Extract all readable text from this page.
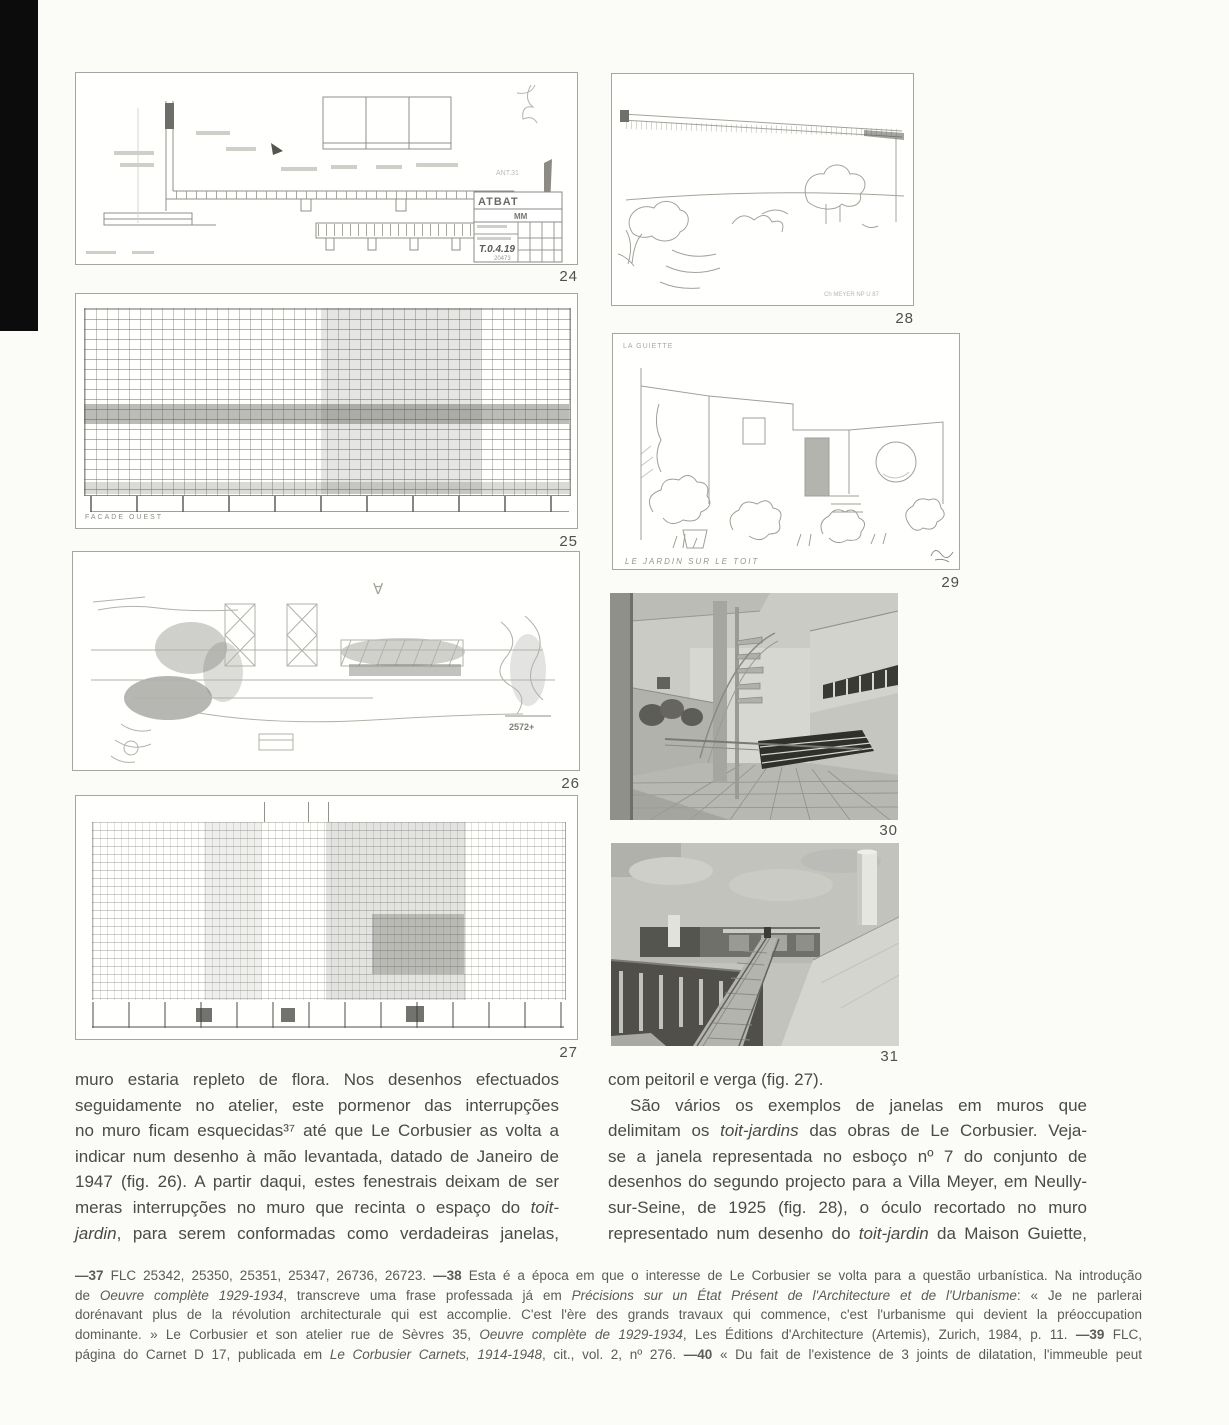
ANT.31
ATBAT
MM
T.0.4.19
20473
24
FACADE OUEST
25
∀
2572+
26
27
Ch MEYER NP U 87
28
LA GUIETTE
LE JARDIN SUR LE TOIT
29
30
31
muro estaria repleto de flora. Nos desenhos efectuados
seguidamente no atelier, este pormenor das interrupções
no muro ficam esquecidas³⁷ até que Le Corbusier as volta a
indicar num desenho à mão levantada, datado de Janeiro de
1947 (fig. 26). A partir daqui, estes fenestrais deixam de ser
meras interrupções no muro que recinta o espaço do toit-
jardin, para serem conformadas como verdadeiras janelas,
com peitoril e verga (fig. 27).
São vários os exemplos de janelas em muros que
delimitam os toit-jardins das obras de Le Corbusier. Veja-
se a janela representada no esboço nº 7 do conjunto de
desenhos do segundo projecto para a Villa Meyer, em Neully-
sur-Seine, de 1925 (fig. 28), o óculo recortado no muro
representado num desenho do toit-jardin da Maison Guiette,
—37 FLC 25342, 25350, 25351, 25347, 26736, 26723. —38 Esta é a época em que o interesse de Le Corbusier se volta para a questão urbanística. Na introdução
de Oeuvre complète 1929-1934, transcreve uma frase professada já em Précisions sur un État Présent de l'Architecture et de l'Urbanisme: « Je ne parlerai
dorénavant plus de la révolution architecturale qui est accomplie. C'est l'ère des grands travaux qui commence, c'est l'urbanisme qui devient la préoccupation
dominante. » Le Corbusier et son atelier rue de Sèvres 35, Oeuvre complète de 1929-1934, Les Éditions d'Architecture (Artemis), Zurich, 1984, p. 11. —39 FLC,
página do Carnet D 17, publicada em Le Corbusier Carnets, 1914-1948, cit., vol. 2, nº 276. —40 « Du fait de l'existence de 3 joints de dilatation, l'immeuble peut
